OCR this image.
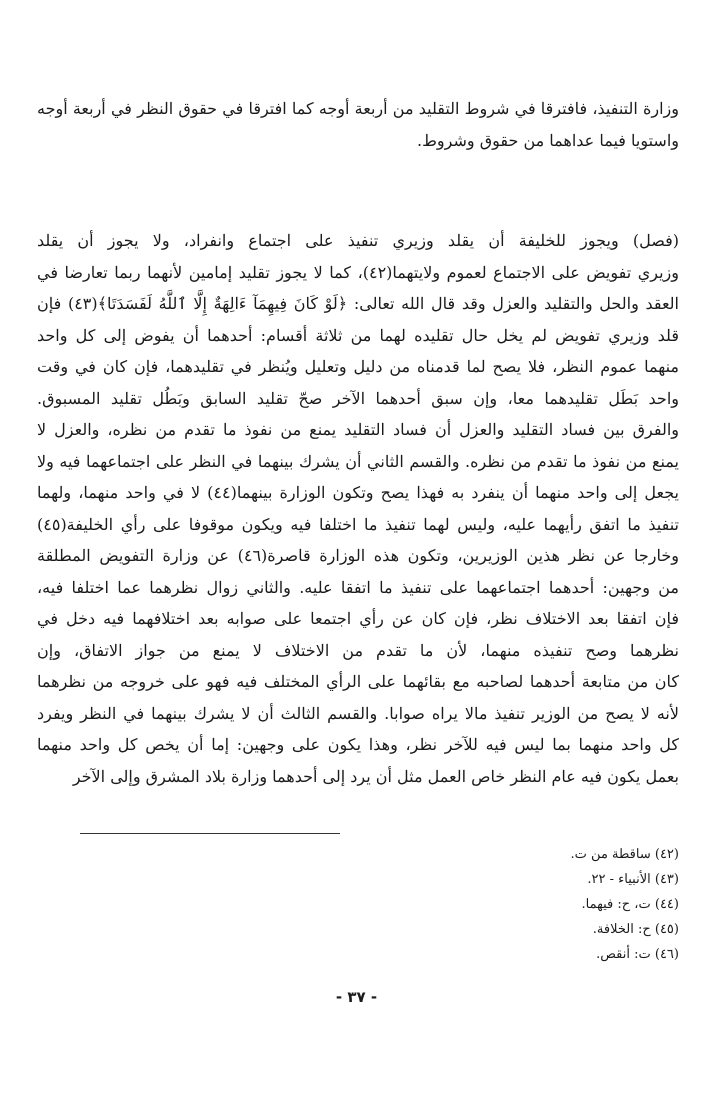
وزارة التنفيذ، فافترقا في شروط التقليد من أربعة أوجه كما افترقا في حقوق النظر في أربعة أوجه
واستويا فيما عداهما من حقوق وشروط.
(فصل) ويجوز للخليفة أن يقلد وزيري تنفيذ على اجتماع وانفراد، ولا يجوز أن يقلد
وزيري تفويض على الاجتماع لعموم ولايتهما(٤٢)، كما لا يجوز تقليد إمامين لأنهما ربما تعارضا في
العقد والحل والتقليد والعزل وقد قال الله تعالى: ﴿لَوْ كَانَ فِيهِمَآ ءَالِهَةٌ إِلَّا ٱللَّهُ لَفَسَدَتَا﴾(٤٣) فإن
قلد وزيري تفويض لم يخل حال تقليده لهما من ثلاثة أقسام: أحدهما أن يفوض إلى كل واحد
منهما عموم النظر، فلا يصح لما قدمناه من دليل وتعليل ويُنظر في تقليدهما، فإن كان في وقت
واحد بَطَل تقليدهما معا، وإن سبق أحدهما الآخر صحّ تقليد السابق وبَطُل تقليد المسبوق.
والفرق بين فساد التقليد والعزل أن فساد التقليد يمنع من نفوذ ما تقدم من نظره، والعزل لا
يمنع من نفوذ ما تقدم من نظره. والقسم الثاني أن يشرك بينهما في النظر على اجتماعهما فيه ولا
يجعل إلى واحد منهما أن ينفرد به فهذا يصح وتكون الوزارة بينهما(٤٤) لا في واحد منهما، ولهما
تنفيذ ما اتفق رأيهما عليه، وليس لهما تنفيذ ما اختلفا فيه ويكون موقوفا على رأي الخليفة(٤٥)
وخارجا عن نظر هذين الوزيرين، وتكون هذه الوزارة قاصرة(٤٦) عن وزارة التفويض المطلقة
من وجهين: أحدهما اجتماعهما على تنفيذ ما اتفقا عليه. والثاني زوال نظرهما عما اختلفا فيه،
فإن اتفقا بعد الاختلاف نظر، فإن كان عن رأي اجتمعا على صوابه بعد اختلافهما فيه دخل في
نظرهما وصح تنفيذه منهما، لأن ما تقدم من الاختلاف لا يمنع من جواز الاتفاق، وإن
كان من متابعة أحدهما لصاحبه مع بقائهما على الرأي المختلف فيه فهو على خروجه من نظرهما
لأنه لا يصح من الوزير تنفيذ مالا يراه صوابا. والقسم الثالث أن لا يشرك بينهما في النظر ويفرد
كل واحد منهما بما ليس فيه للآخر نظر، وهذا يكون على وجهين: إما أن يخص كل واحد منهما
بعمل يكون فيه عام النظر خاص العمل مثل أن يرد إلى أحدهما وزارة بلاد المشرق وإلى الآخر
(٤٢) ساقطة من ت.
(٤٣) الأنبياء - ٢٢.
(٤٤) ت، ح: فيهما.
(٤٥) ح: الخلافة.
(٤٦) ت: أنقص.
- ٣٧ -
